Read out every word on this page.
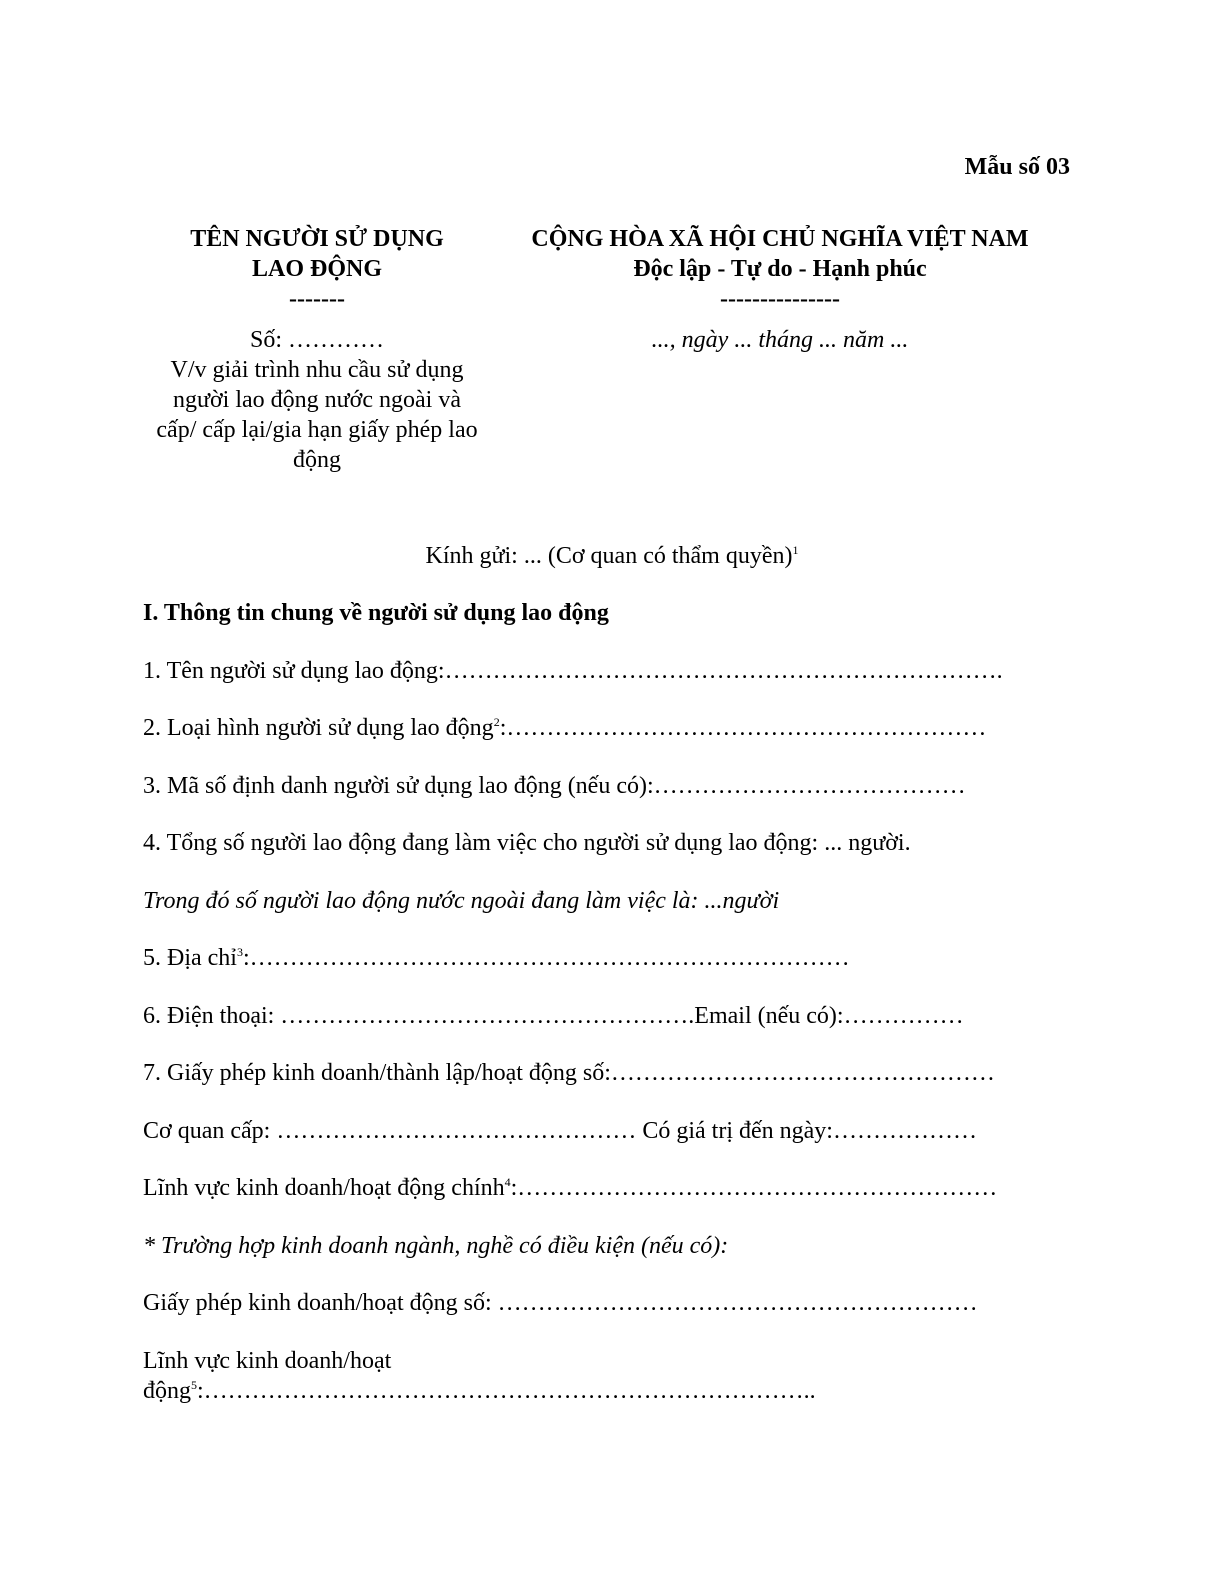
Mẫu số 03
TÊN NGƯỜI SỬ DỤNG
LAO ĐỘNG
-------
Số: …………
V/v giải trình nhu cầu sử dụng
người lao động nước ngoài và
cấp/ cấp lại/gia hạn giấy phép lao
động
CỘNG HÒA XÃ HỘI CHỦ NGHĨA VIỆT NAM
Độc lập - Tự do - Hạnh phúc
---------------
..., ngày ... tháng ... năm ...
Kính gửi: ... (Cơ quan có thẩm quyền)$^1$
I. Thông tin chung về người sử dụng lao động
1. Tên người sử dụng lao động:…………………………………………………………….
2. Loại hình người sử dụng lao động$^2$:……………………………………………………
3. Mã số định danh người sử dụng lao động (nếu có):…………………………………
4. Tổng số người lao động đang làm việc cho người sử dụng lao động: ... người.
Trong đó số người lao động nước ngoài đang làm việc là: ...người
5. Địa chỉ$^3$:…………………………………………………………………
6. Điện thoại: …………………………………………….Email (nếu có):……………
7. Giấy phép kinh doanh/thành lập/hoạt động số:…………………………………………
Cơ quan cấp: ……………………………………… Có giá trị đến ngày:………………
Lĩnh vực kinh doanh/hoạt động chính$^4$:……………………………………………………
* Trường hợp kinh doanh ngành, nghề có điều kiện (nếu có):
Giấy phép kinh doanh/hoạt động số: ……………………………………………………
Lĩnh vực kinh doanh/hoạt
động$^5$:…………………………………………………………………..
